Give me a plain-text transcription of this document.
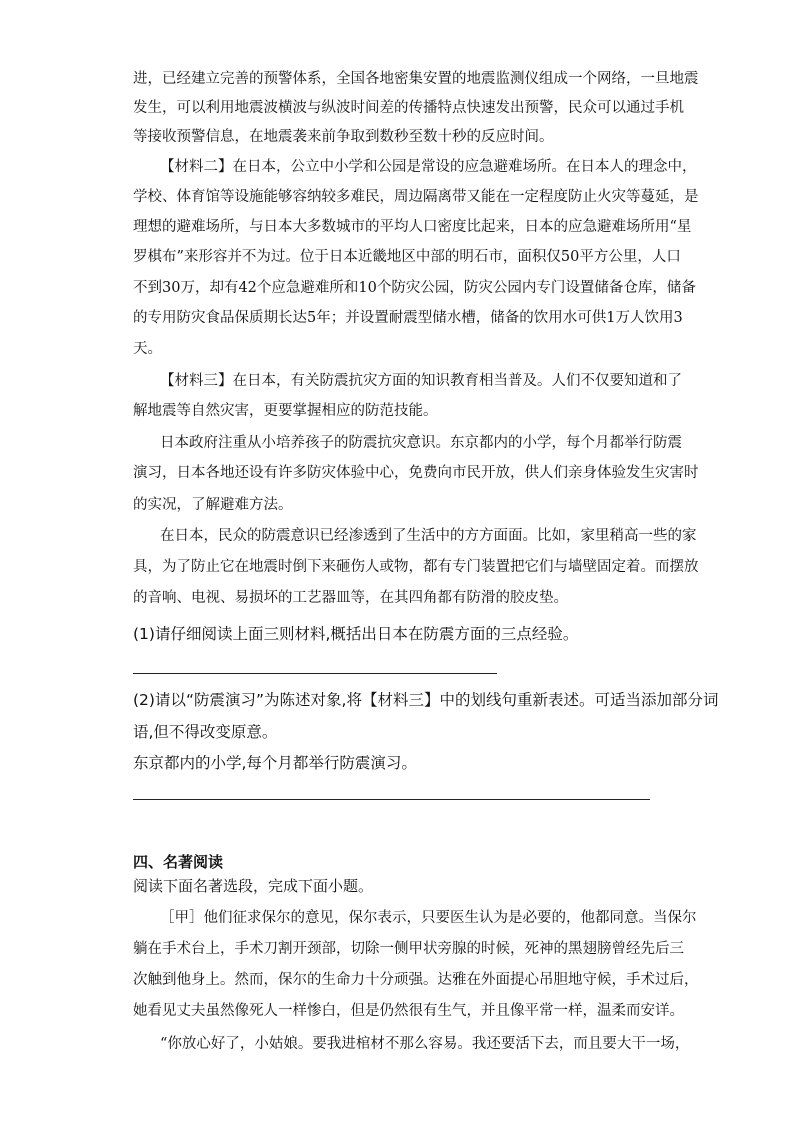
进，已经建立完善的预警体系，全国各地密集安置的地震监测仪组成一个网络，一旦地震
发生，可以利用地震波横波与纵波时间差的传播特点快速发出预警，民众可以通过手机
等接收预警信息，在地震袭来前争取到数秒至数十秒的反应时间。
【材料二】在日本，公立中小学和公园是常设的应急避难场所。在日本人的理念中，
学校、体育馆等设施能够容纳较多难民，周边隔离带又能在一定程度防止火灾等蔓延，是
理想的避难场所，与日本大多数城市的平均人口密度比起来，日本的应急避难场所用“星
罗棋布”来形容并不为过。位于日本近畿地区中部的明石市，面积仅50平方公里，人口
不到30万，却有42个应急避难所和10个防灾公园，防灾公园内专门设置储备仓库，储备
的专用防灾食品保质期长达5年；并设置耐震型储水槽，储备的饮用水可供1万人饮用3
天。
【材料三】在日本，有关防震抗灾方面的知识教育相当普及。人们不仅要知道和了
解地震等自然灾害，更要掌握相应的防范技能。
日本政府注重从小培养孩子的防震抗灾意识。东京都内的小学，每个月都举行防震
演习，日本各地还设有许多防灾体验中心，免费向市民开放，供人们亲身体验发生灾害时
的实况，了解避难方法。
在日本，民众的防震意识已经渗透到了生活中的方方面面。比如，家里稍高一些的家
具，为了防止它在地震时倒下来砸伤人或物，都有专门装置把它们与墙壁固定着。而摆放
的音响、电视、易损坏的工艺器皿等，在其四角都有防滑的胶皮垫。
(1)请仔细阅读上面三则材料,概括出日本在防震方面的三点经验。
(2)请以“防震演习”为陈述对象,将【材料三】中的划线句重新表述。可适当添加部分词
语,但不得改变原意。
东京都内的小学,每个月都举行防震演习。
四、名著阅读
阅读下面名著选段，完成下面小题。
［甲］他们征求保尔的意见，保尔表示，只要医生认为是必要的，他都同意。当保尔
躺在手术台上，手术刀割开颈部，切除一侧甲状旁腺的时候，死神的黑翅膀曾经先后三
次触到他身上。然而，保尔的生命力十分顽强。达雅在外面提心吊胆地守候，手术过后，
她看见丈夫虽然像死人一样惨白，但是仍然很有生气，并且像平常一样，温柔而安详。
“你放心好了，小姑娘。要我进棺材不那么容易。我还要活下去，而且要大干一场，
